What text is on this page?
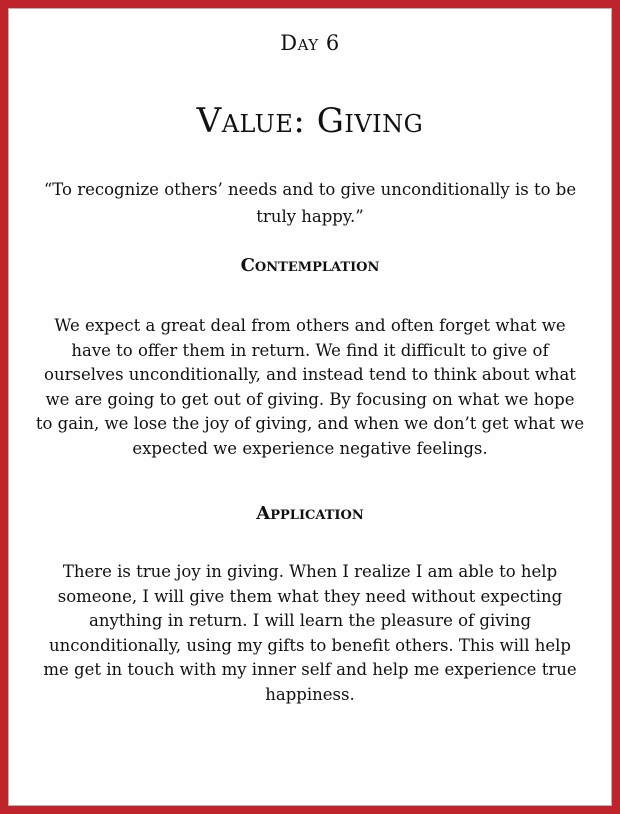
Day 6
Value: Giving
“To recognize others’ needs and to give unconditionally is to be truly happy.”
Contemplation
We expect a great deal from others and often forget what we have to offer them in return. We find it difficult to give of ourselves unconditionally, and instead tend to think about what we are going to get out of giving. By focusing on what we hope to gain, we lose the joy of giving, and when we don’t get what we expected we experience negative feelings.
Application
There is true joy in giving. When I realize I am able to help someone, I will give them what they need without expecting anything in return. I will learn the pleasure of giving unconditionally, using my gifts to benefit others. This will help me get in touch with my inner self and help me experience true happiness.
